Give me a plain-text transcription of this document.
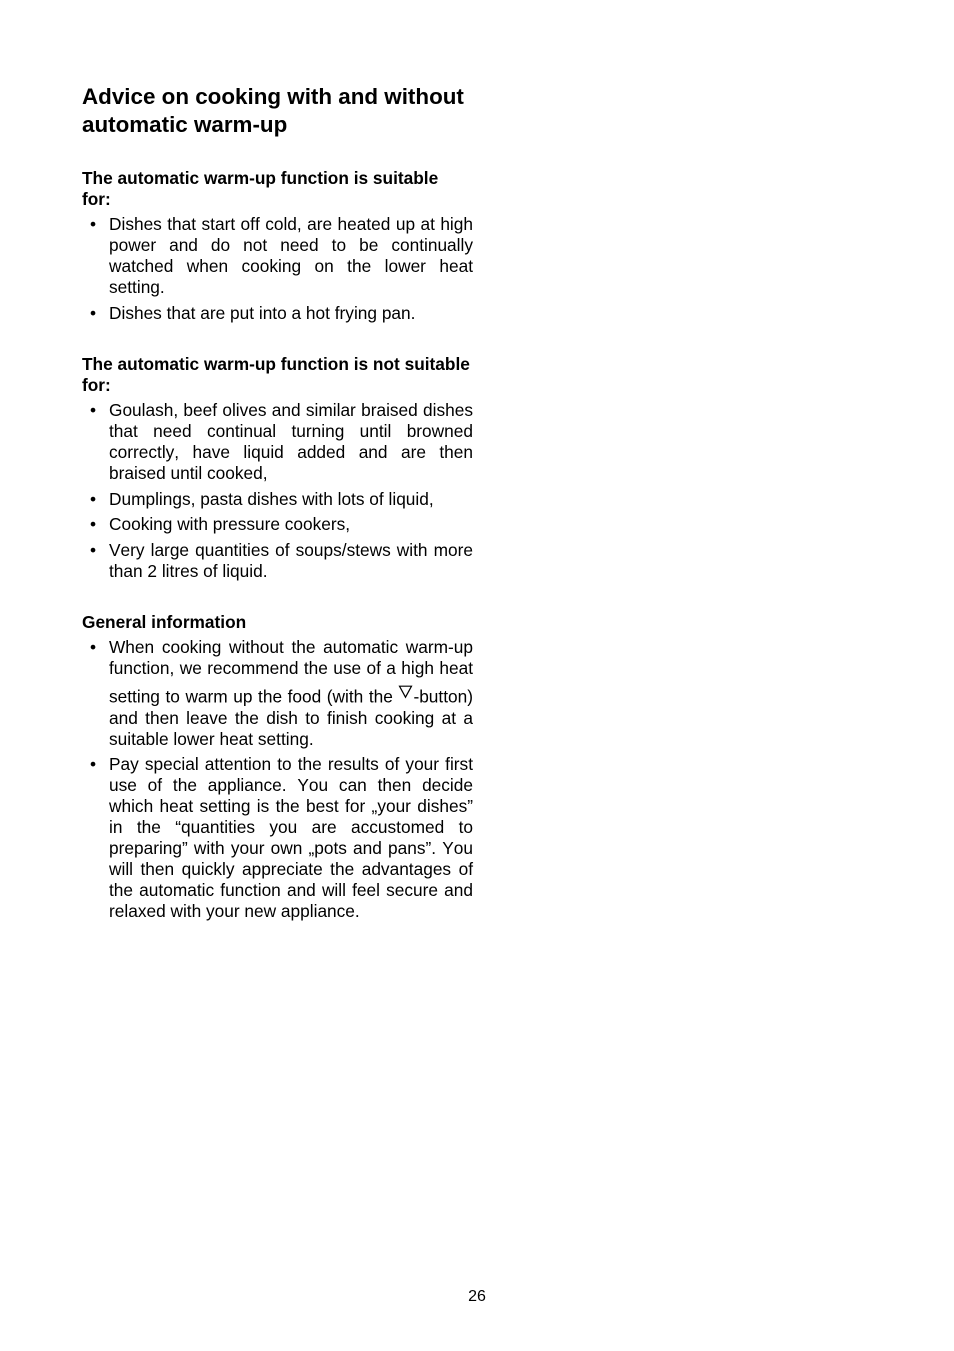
Advice on cooking with and without automatic warm-up
The automatic warm-up function is suitable for:
• Dishes that start off cold, are heated up at high power and do not need to be continually watched when cooking on the lower heat setting.
• Dishes that are put into a hot frying pan.
The automatic warm-up function is not suitable for:
• Goulash, beef olives and similar braised dishes that need continual turning until browned correctly, have liquid added and are then braised until cooked,
• Dumplings, pasta dishes with lots of liquid,
• Cooking with pressure cookers,
• Very large quantities of soups/stews with more than 2 litres of liquid.
General information
• When cooking without the automatic warm-up function, we recommend the use of a high heat setting to warm up the food (with the -button) and then leave the dish to finish cooking at a suitable lower heat setting.
• Pay special attention to the results of your first use of the appliance. You can then decide which heat setting is the best for „your dishes” in the “quantities you are accustomed to preparing” with your own „pots and pans”. You will then quickly appreciate the advantages of the automatic function and will feel secure and relaxed with your new appliance.
26
